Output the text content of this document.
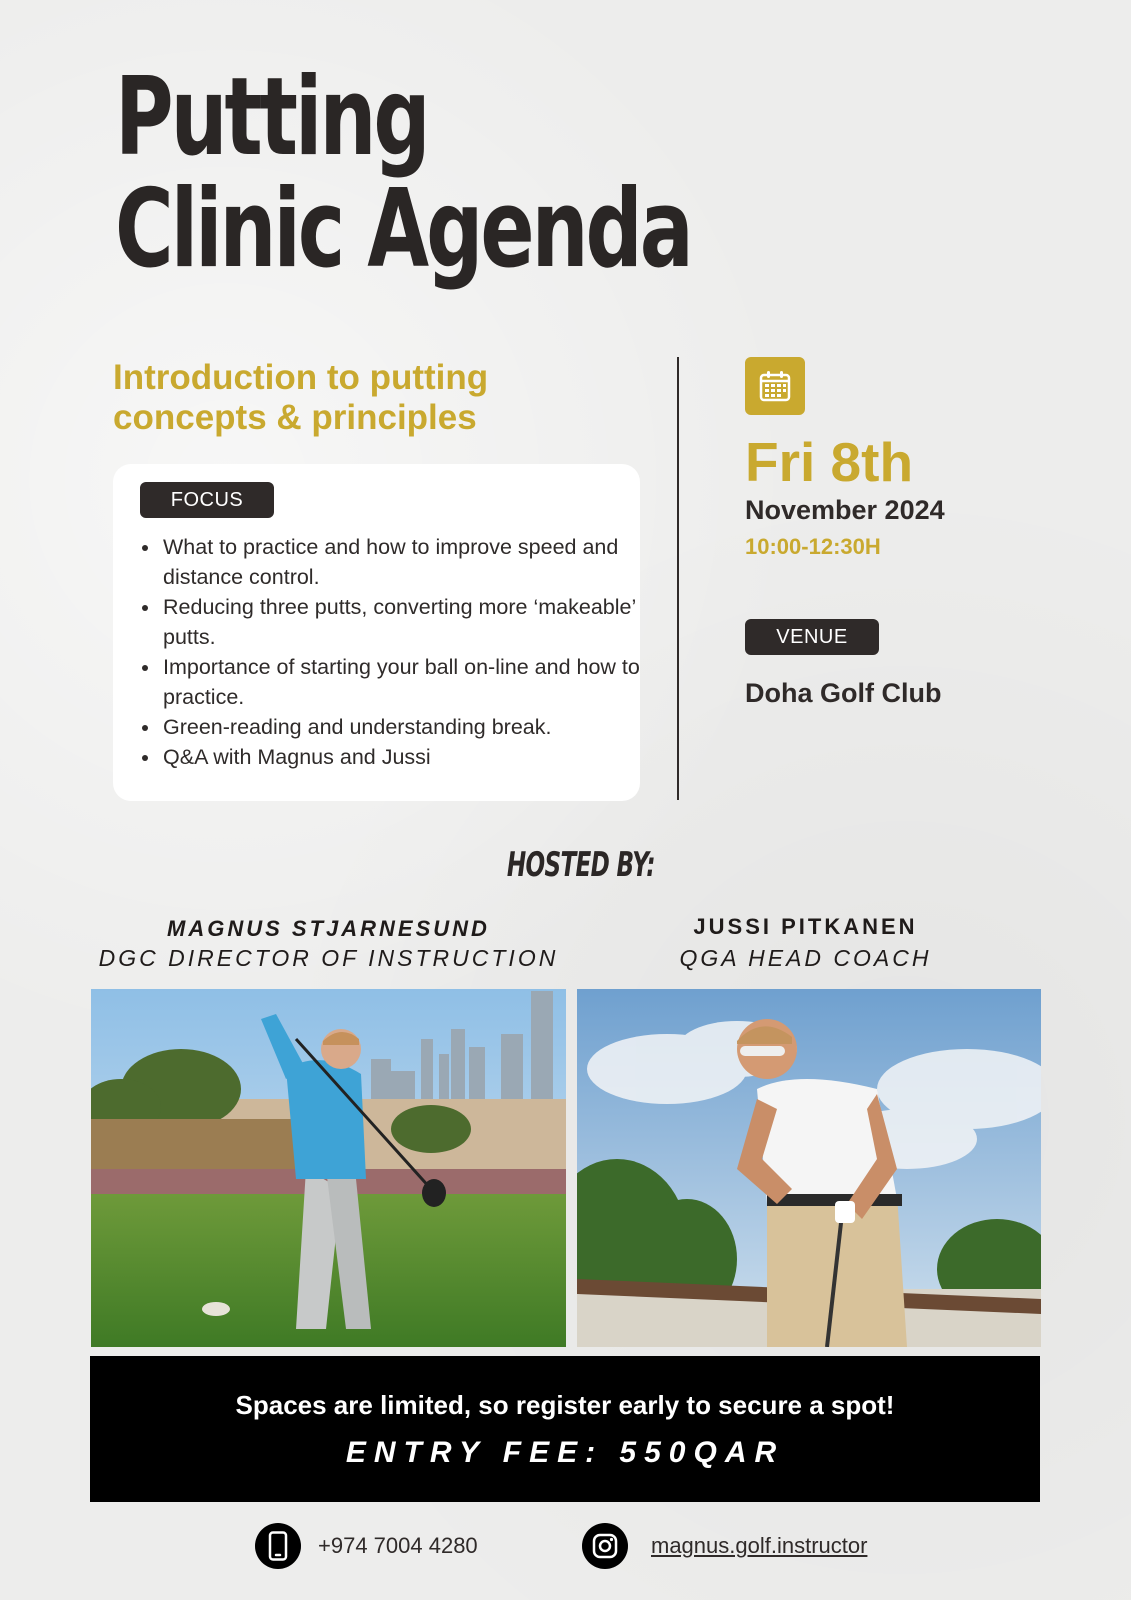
Putting
Clinic Agenda
Introduction to putting concepts & principles
FOCUS
• What to practice and how to improve speed and distance control.
• Reducing three putts, converting more ‘makeable’ putts.
• Importance of starting your ball on-line and how to practice.
• Green-reading and understanding break.
• Q&A with Magnus and Jussi
Fri 8th
November 2024
10:00-12:30H
VENUE
Doha Golf Club
HOSTED BY:
MAGNUS STJARNESUND
DGC DIRECTOR OF INSTRUCTION
JUSSI PITKANEN
QGA HEAD COACH
Spaces are limited, so register early to secure a spot!
ENTRY FEE: 550QAR
+974 7004 4280	magnus.golf.instructor
